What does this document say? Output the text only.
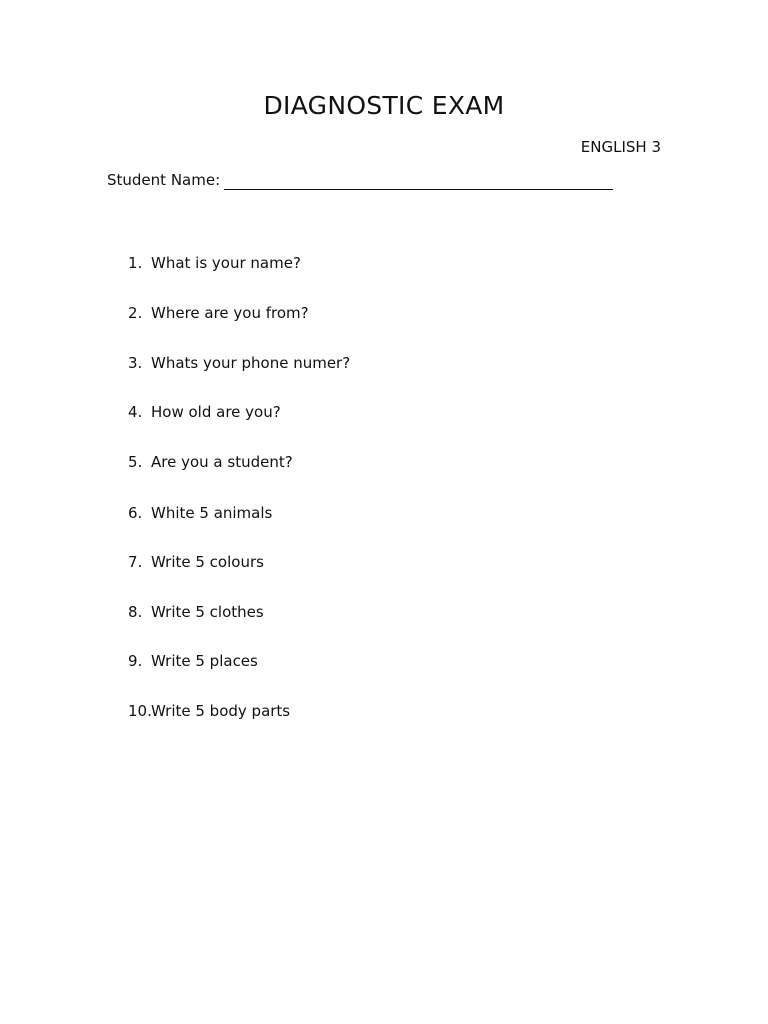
DIAGNOSTIC EXAM
ENGLISH 3
Student Name:
1. What is your name?
2. Where are you from?
3. Whats your phone numer?
4. How old are you?
5. Are you a student?
6. White 5 animals
7. Write 5 colours
8. Write 5 clothes
9. Write 5 places
10.Write 5 body parts
